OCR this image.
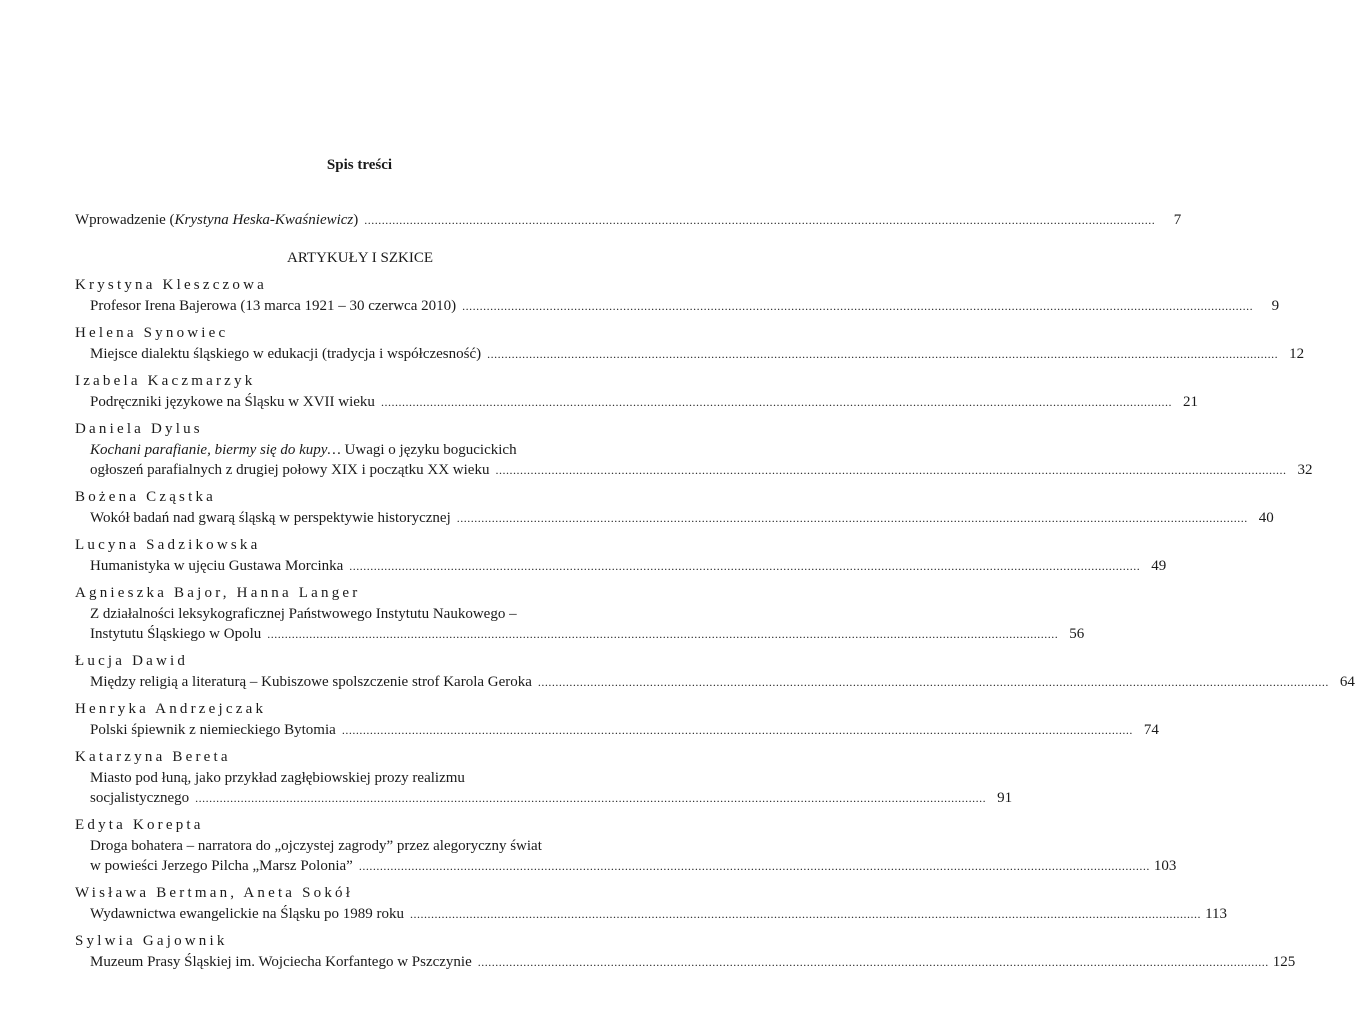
Spis treści
Wprowadzenie (Krystyna Heska-Kwaśniewicz) .....	7
ARTYKUŁY I SZKICE
Krystyna Kleszczowa
Profesor Irena Bajerowa (13 marca 1921 – 30 czerwca 2010) .....	9
Helena Synowiec
Miejsce dialektu śląskiego w edukacji (tradycja i współczesność) .....	12
Izabela Kaczmarzyk
Podręczniki językowe na Śląsku w XVII wieku .....	21
Daniela Dylus
Kochani parafianie, biermy się do kupy… Uwagi o języku bogucickich
ogłoszeń parafialnych z drugiej połowy XIX i początku XX wieku .....	32
Bożena Cząstka
Wokół badań nad gwarą śląską w perspektywie historycznej .....	40
Lucyna Sadzikowska
Humanistyka w ujęciu Gustawa Morcinka .....	49
Agnieszka Bajor, Hanna Langer
Z działalności leksykograficznej Państwowego Instytutu Naukowego –
Instytutu Śląskiego w Opolu .....	56
Łucja Dawid
Między religią a literaturą – Kubiszowe spolszczenie strof Karola Geroka .....	64
Henryka Andrzejczak
Polski śpiewnik z niemieckiego Bytomia .....	74
Katarzyna Bereta
Miasto pod łuną, jako przykład zagłębiowskiej prozy realizmu
socjalistycznego .....	91
Edyta Korepta
Droga bohatera – narratora do „ojczystej zagrody” przez alegoryczny świat
w powieści Jerzego Pilcha „Marsz Polonia” .....	103
Wisława Bertman, Aneta Sokół
Wydawnictwa ewangelickie na Śląsku po 1989 roku .....	113
Sylwia Gajownik
Muzeum Prasy Śląskiej im. Wojciecha Korfantego w Pszczynie .....	125
